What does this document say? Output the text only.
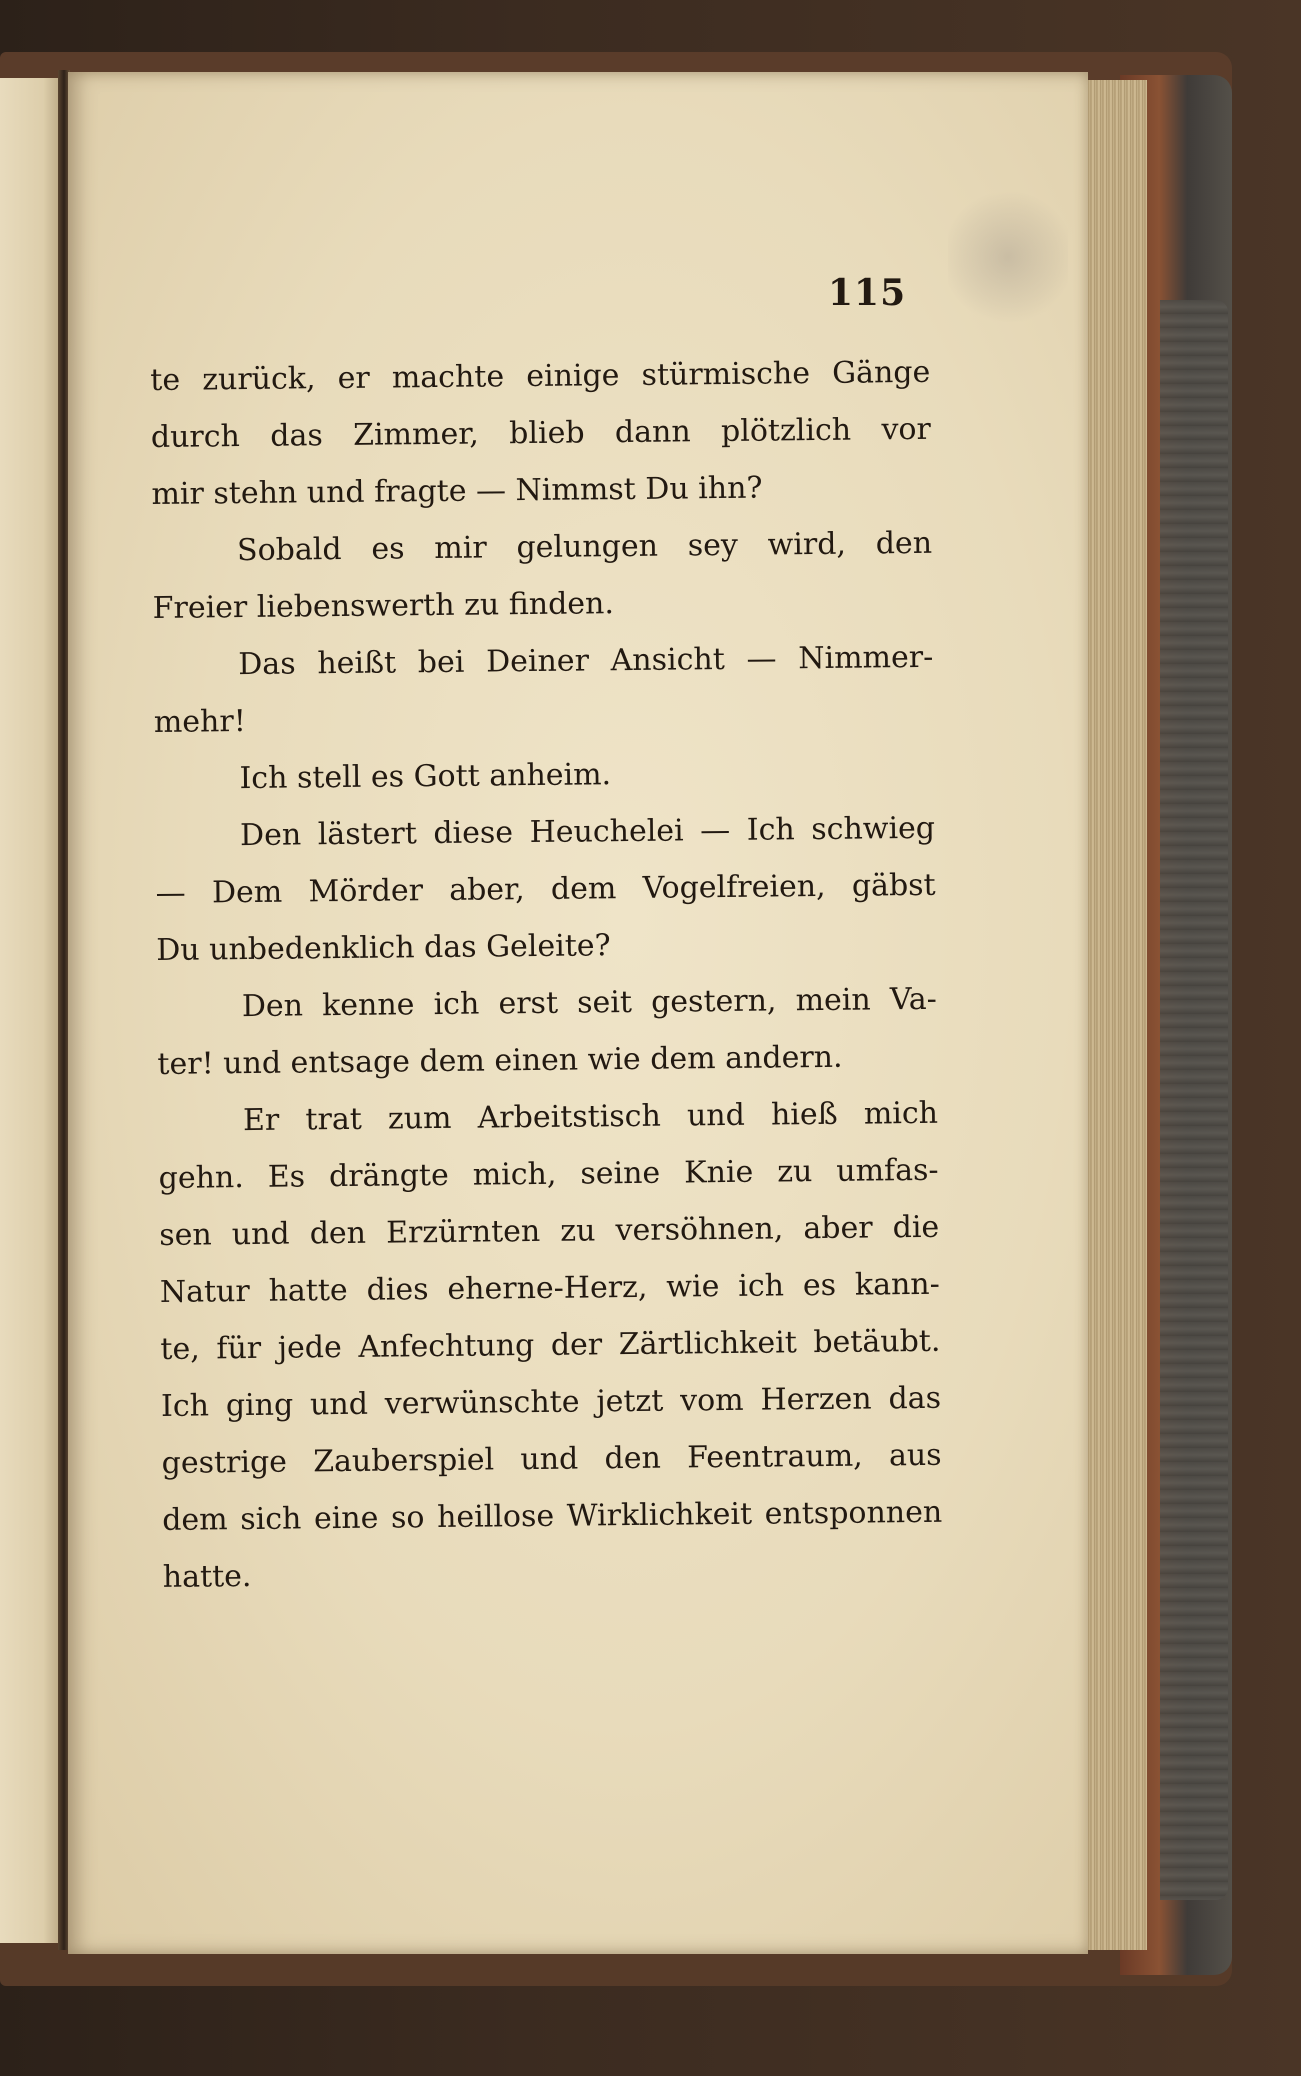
115
te zurück, er machte einige stürmische Gänge
durch das Zimmer, blieb dann plötzlich vor
mir stehn und fragte — Nimmst Du ihn?
Sobald es mir gelungen sey wird, den
Freier liebenswerth zu finden.
Das heißt bei Deiner Ansicht — Nimmer-
mehr!
Ich stell es Gott anheim.
Den lästert diese Heuchelei — Ich schwieg
— Dem Mörder aber, dem Vogelfreien, gäbst
Du unbedenklich das Geleite?
Den kenne ich erst seit gestern, mein Va-
ter! und entsage dem einen wie dem andern.
Er trat zum Arbeitstisch und hieß mich
gehn. Es drängte mich, seine Knie zu umfas-
sen und den Erzürnten zu versöhnen, aber die
Natur hatte dies eherne-Herz, wie ich es kann-
te, für jede Anfechtung der Zärtlichkeit betäubt.
Ich ging und verwünschte jetzt vom Herzen das
gestrige Zauberspiel und den Feentraum, aus
dem sich eine so heillose Wirklichkeit entsponnen
hatte.
